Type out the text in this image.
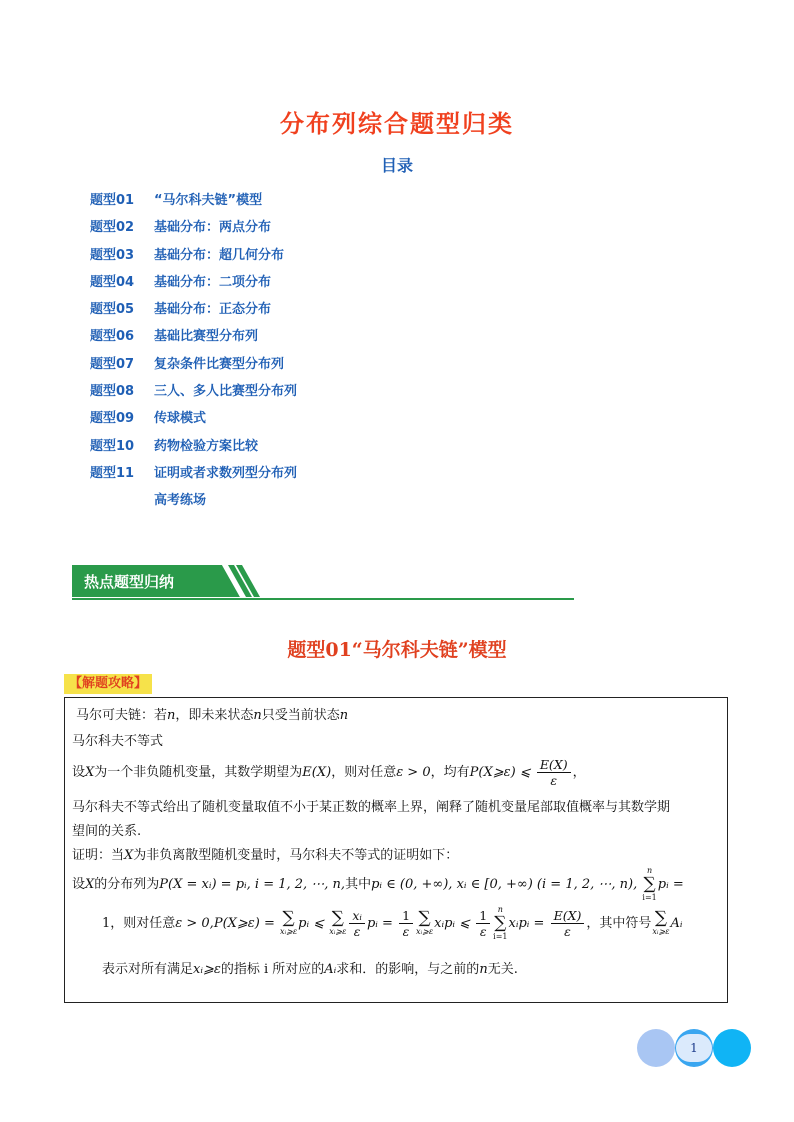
分布列综合题型归类
目录
题型01 “马尔科夫链”模型
题型02 基础分布：两点分布
题型03 基础分布：超几何分布
题型04 基础分布：二项分布
题型05 基础分布：正态分布
题型06 基础比赛型分布列
题型07 复杂条件比赛型分布列
题型08 三人、多人比赛型分布列
题型09 传球模式
题型10 药物检验方案比较
题型11 证明或者求数列型分布列
高考练场
热点题型归纳
题型01“马尔科夫链”模型
【解题攻略】
马尔可夫链：若n，即未来状态n只受当前状态n
马尔科夫不等式
设X为一个非负随机变量，其数学期望为E(X)，则对任意ε > 0，均有P(X⩾ε) ⩽ $\frac{E(X)}{\varepsilon}$ ，
马尔科夫不等式给出了随机变量取值不小于某正数的概率上界，阐释了随机变量尾部取值概率与其数学期
望间的关系.
证明：当X为非负离散型随机变量时，马尔科夫不等式的证明如下：
设X的分布列为P(X = xᵢ) = pᵢ, i = 1, 2, ⋯, n,其中pᵢ ∈ (0, +∞), xᵢ ∈ [0, +∞) (i = 1, 2, ⋯, n),
n
∑
i=1
pᵢ =
1，则对任意ε > 0,P(X⩾ε) = ∑
xᵢ⩾ε
pᵢ ⩽ ∑
xᵢ⩾ε $\frac{\text{xᵢ}}{\varepsilon}$ pᵢ = $\frac{1}{\varepsilon}$ ∑
xᵢ⩾ε
xᵢpᵢ ⩽ $\frac{1}{\varepsilon}$ n
∑
i=1
xᵢpᵢ = $\frac{E(X)}{\varepsilon}$ ，其中符号 ∑
xᵢ⩾ε
Aᵢ
表示对所有满足xᵢ⩾ε的指标 i 所对应的Aᵢ求和．的影响，与之前的n无关.
1
